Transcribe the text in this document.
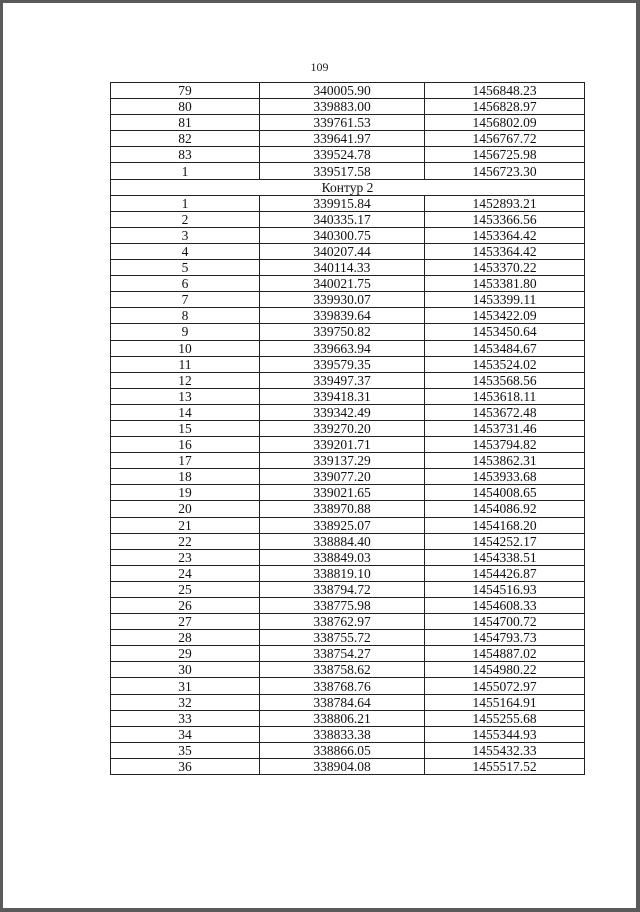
109
79	340005.90	1456848.23
80	339883.00	1456828.97
81	339761.53	1456802.09
82	339641.97	1456767.72
83	339524.78	1456725.98
1	339517.58	1456723.30
Контур 2		
1	339915.84	1452893.21
2	340335.17	1453366.56
3	340300.75	1453364.42
4	340207.44	1453364.42
5	340114.33	1453370.22
6	340021.75	1453381.80
7	339930.07	1453399.11
8	339839.64	1453422.09
9	339750.82	1453450.64
10	339663.94	1453484.67
11	339579.35	1453524.02
12	339497.37	1453568.56
13	339418.31	1453618.11
14	339342.49	1453672.48
15	339270.20	1453731.46
16	339201.71	1453794.82
17	339137.29	1453862.31
18	339077.20	1453933.68
19	339021.65	1454008.65
20	338970.88	1454086.92
21	338925.07	1454168.20
22	338884.40	1454252.17
23	338849.03	1454338.51
24	338819.10	1454426.87
25	338794.72	1454516.93
26	338775.98	1454608.33
27	338762.97	1454700.72
28	338755.72	1454793.73
29	338754.27	1454887.02
30	338758.62	1454980.22
31	338768.76	1455072.97
32	338784.64	1455164.91
33	338806.21	1455255.68
34	338833.38	1455344.93
35	338866.05	1455432.33
36	338904.08	1455517.52
